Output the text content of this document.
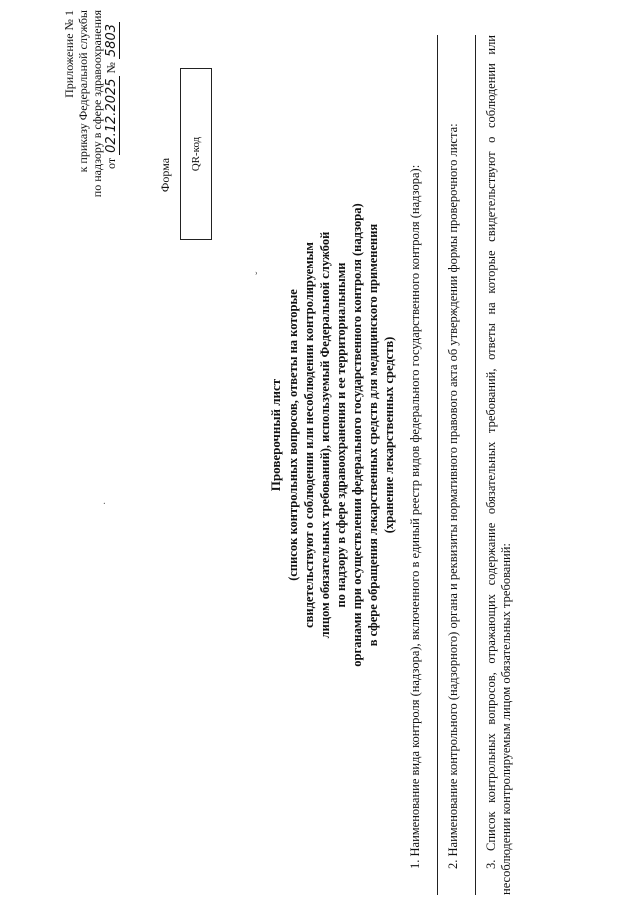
Приложение № 1 к приказу Федеральной службы по надзору в сфере здравоохранения от 02.12.2025 № 5803
Форма
QR-код
ˇ
·
Проверочный лист (список контрольных вопросов, ответы на которые свидетельствуют о соблюдении или несоблюдении контролируемым лицом обязательных требований), используемый Федеральной службой по надзору в сфере здравоохранения и ее территориальными органами при осуществлении федерального государственного контроля (надзора) в сфере обращения лекарственных средств для медицинского применения (хранение лекарственных средств) 1. Наименование вида контроля (надзора), включенного в единый реестр видов федерального государственного контроля (надзора): 2. Наименование контрольного (надзорного) органа и реквизиты нормативного правового акта об утверждении формы проверочного листа: 3. Список контрольных вопросов, отражающих содержание обязательных требований, ответы на которые свидетельствуют о соблюдении или несоблюдении контролируемым лицом обязательных требований:
